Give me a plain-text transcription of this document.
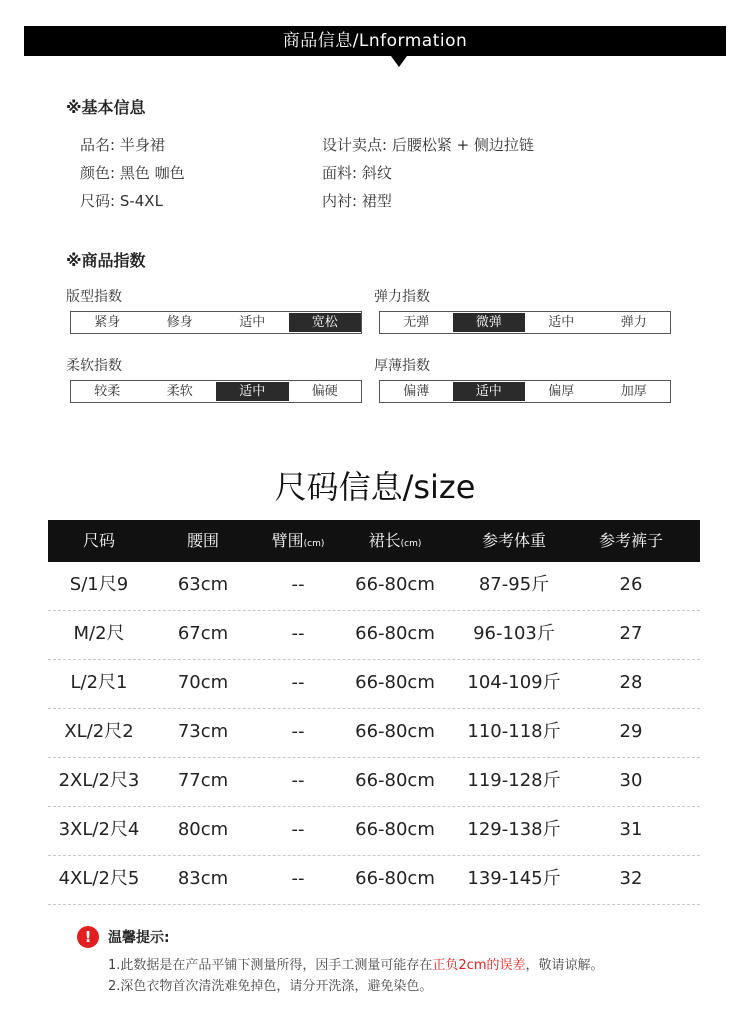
商品信息/Lnformation
※基本信息
品名: 半身裙
颜色: 黑色 咖色
尺码: S-4XL
设计卖点: 后腰松紧 + 侧边拉链
面料: 斜纹
内衬: 裙型
※商品指数
版型指数
紧身	修身	适中	宽松
弹力指数
无弹	微弹	适中	弹力
柔软指数
较柔	柔软	适中	偏硬
厚薄指数
偏薄	适中	偏厚	加厚
尺码信息/size
尺码	腰围	臂围(cm)	裙长(cm)	参考体重	参考裤子
S/1尺9	63cm	--	66-80cm	87-95斤	26
M/2尺	67cm	--	66-80cm	96-103斤	27
L/2尺1	70cm	--	66-80cm	104-109斤	28
XL/2尺2	73cm	--	66-80cm	110-118斤	29
2XL/2尺3	77cm	--	66-80cm	119-128斤	30
3XL/2尺4	80cm	--	66-80cm	129-138斤	31
4XL/2尺5	83cm	--	66-80cm	139-145斤	32
!	温馨提示:
1.此数据是在产品平铺下测量所得，因手工测量可能存在正负2cm的误差，敬请谅解。
2.深色衣物首次清洗难免掉色，请分开洗涤，避免染色。
